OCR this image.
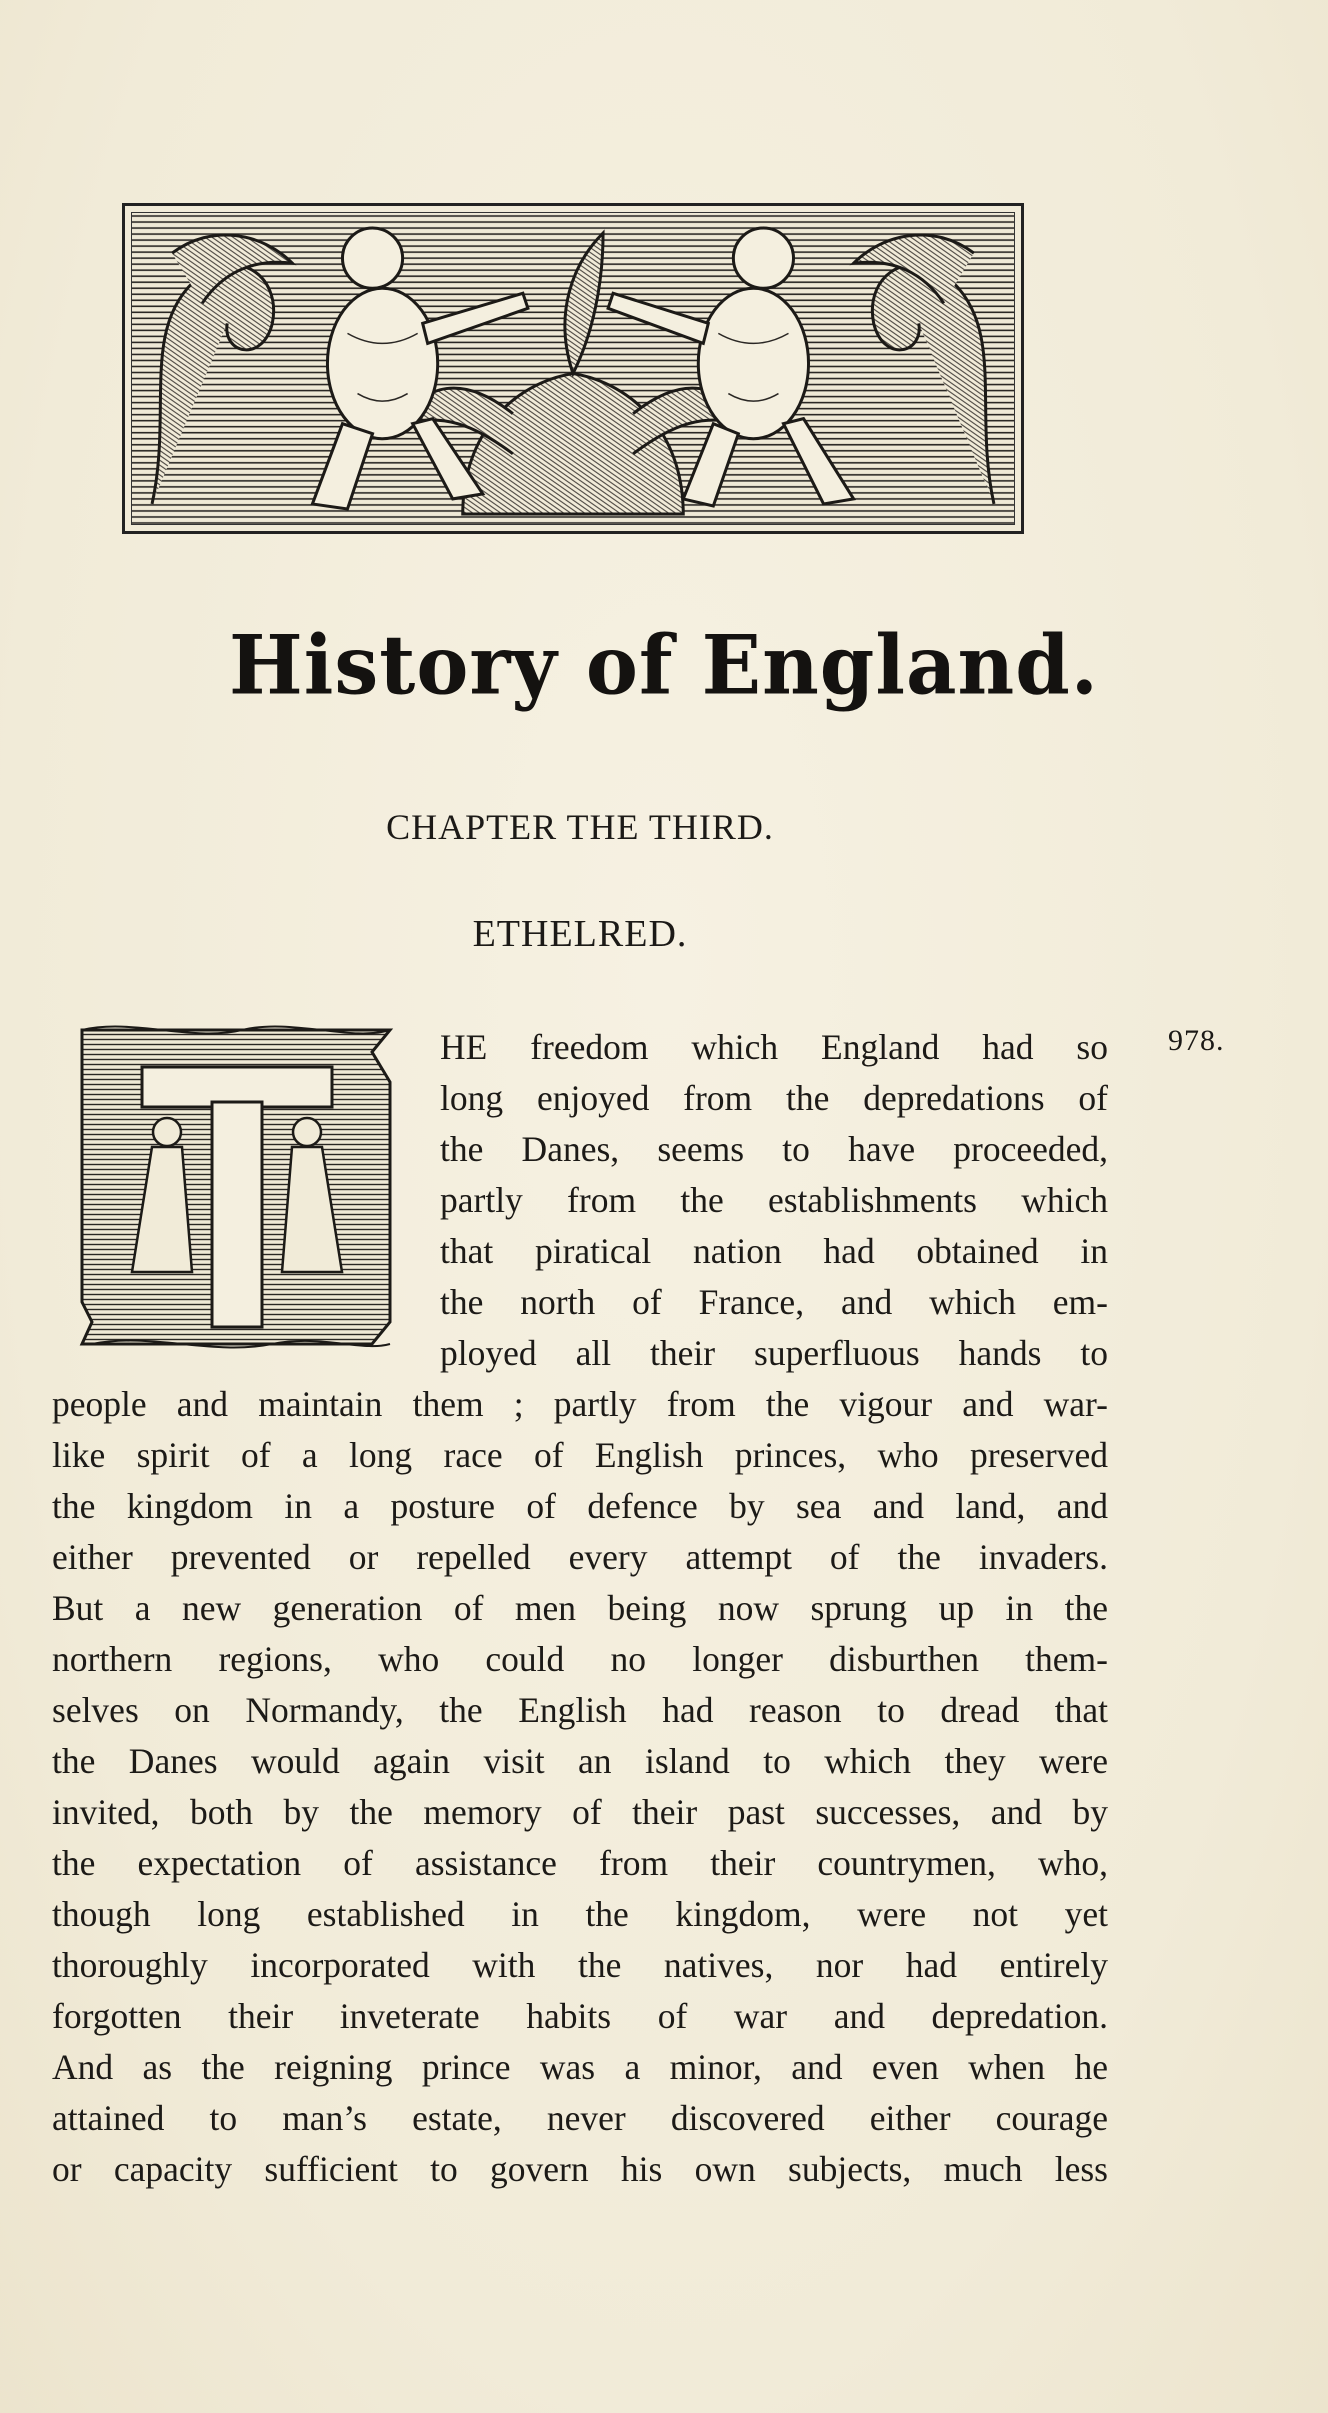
History of England.
CHAPTER THE THIRD.
ETHELRED.
978.
HE freedom which England had so
long enjoyed from the depredations of
the Danes, seems to have proceeded,
partly from the establishments which
that piratical nation had obtained in
the north of France, and which em-
ployed all their superfluous hands to
people and maintain them ; partly from the vigour and war-
like spirit of a long race of English princes, who preserved
the kingdom in a posture of defence by sea and land, and
either prevented or repelled every attempt of the invaders.
But a new generation of men being now sprung up in the
northern regions, who could no longer disburthen them-
selves on Normandy, the English had reason to dread that
the Danes would again visit an island to which they were
invited, both by the memory of their past successes, and by
the expectation of assistance from their countrymen, who,
though long established in the kingdom, were not yet
thoroughly incorporated with the natives, nor had entirely
forgotten their inveterate habits of war and depredation.
And as the reigning prince was a minor, and even when he
attained to man’s estate, never discovered either courage
or capacity sufficient to govern his own subjects, much less
